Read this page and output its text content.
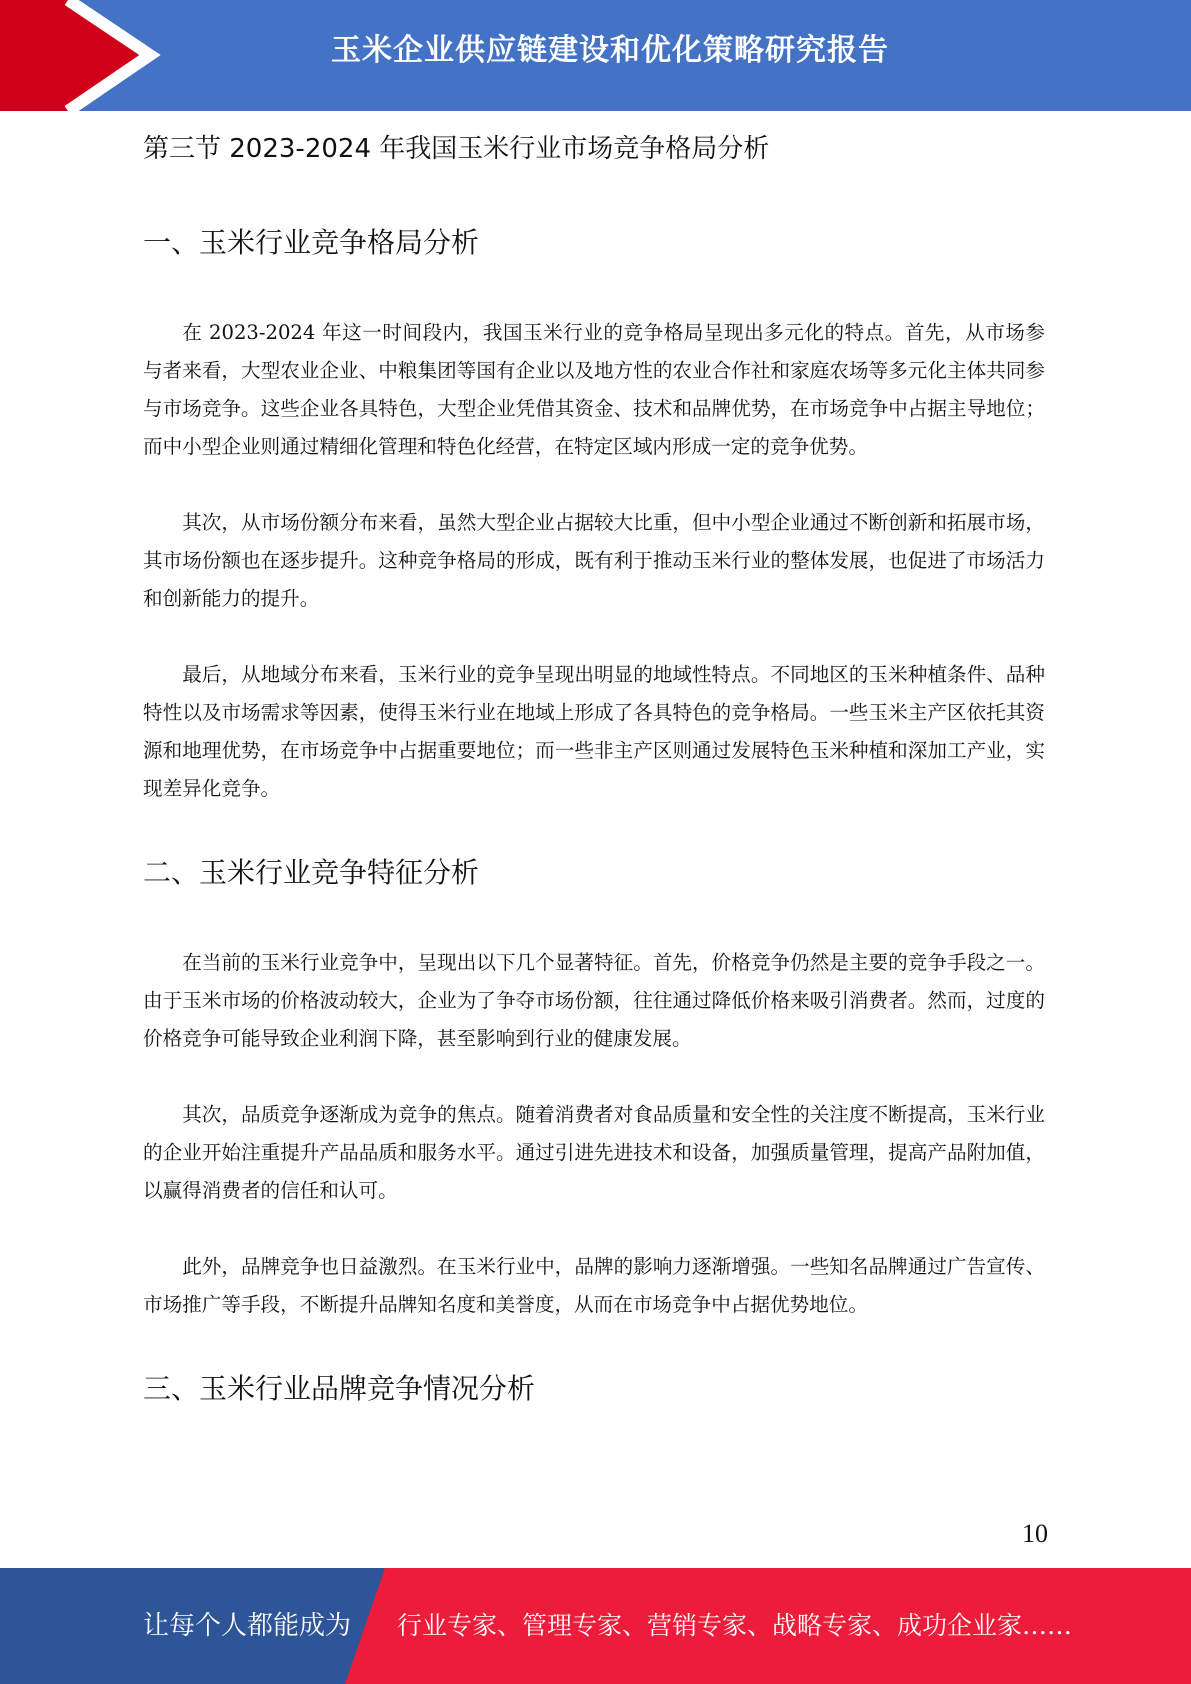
玉米企业供应链建设和优化策略研究报告
第三节 2023-2024 年我国玉米行业市场竞争格局分析
一、玉米行业竞争格局分析

在 2023-2024 年这一时间段内，我国玉米行业的竞争格局呈现出多元化的特点。首先，从市场参与者来看，大型农业企业、中粮集团等国有企业以及地方性的农业合作社和家庭农场等多元化主体共同参与市场竞争。这些企业各具特色，大型企业凭借其资金、技术和品牌优势，在市场竞争中占据主导地位；而中小型企业则通过精细化管理和特色化经营，在特定区域内形成一定的竞争优势。

其次，从市场份额分布来看，虽然大型企业占据较大比重，但中小型企业通过不断创新和拓展市场，其市场份额也在逐步提升。这种竞争格局的形成，既有利于推动玉米行业的整体发展，也促进了市场活力和创新能力的提升。

最后，从地域分布来看，玉米行业的竞争呈现出明显的地域性特点。不同地区的玉米种植条件、品种特性以及市场需求等因素，使得玉米行业在地域上形成了各具特色的竞争格局。一些玉米主产区依托其资源和地理优势，在市场竞争中占据重要地位；而一些非主产区则通过发展特色玉米种植和深加工产业，实现差异化竞争。

二、玉米行业竞争特征分析

在当前的玉米行业竞争中，呈现出以下几个显著特征。首先，价格竞争仍然是主要的竞争手段之一。由于玉米市场的价格波动较大，企业为了争夺市场份额，往往通过降低价格来吸引消费者。然而，过度的价格竞争可能导致企业利润下降，甚至影响到行业的健康发展。

其次，品质竞争逐渐成为竞争的焦点。随着消费者对食品质量和安全性的关注度不断提高，玉米行业的企业开始注重提升产品品质和服务水平。通过引进先进技术和设备，加强质量管理，提高产品附加值，以赢得消费者的信任和认可。

此外，品牌竞争也日益激烈。在玉米行业中，品牌的影响力逐渐增强。一些知名品牌通过广告宣传、市场推广等手段，不断提升品牌知名度和美誉度，从而在市场竞争中占据优势地位。

三、玉米行业品牌竞争情况分析
10
让每个人都能成为 行业专家、管理专家、营销专家、战略专家、成功企业家……
